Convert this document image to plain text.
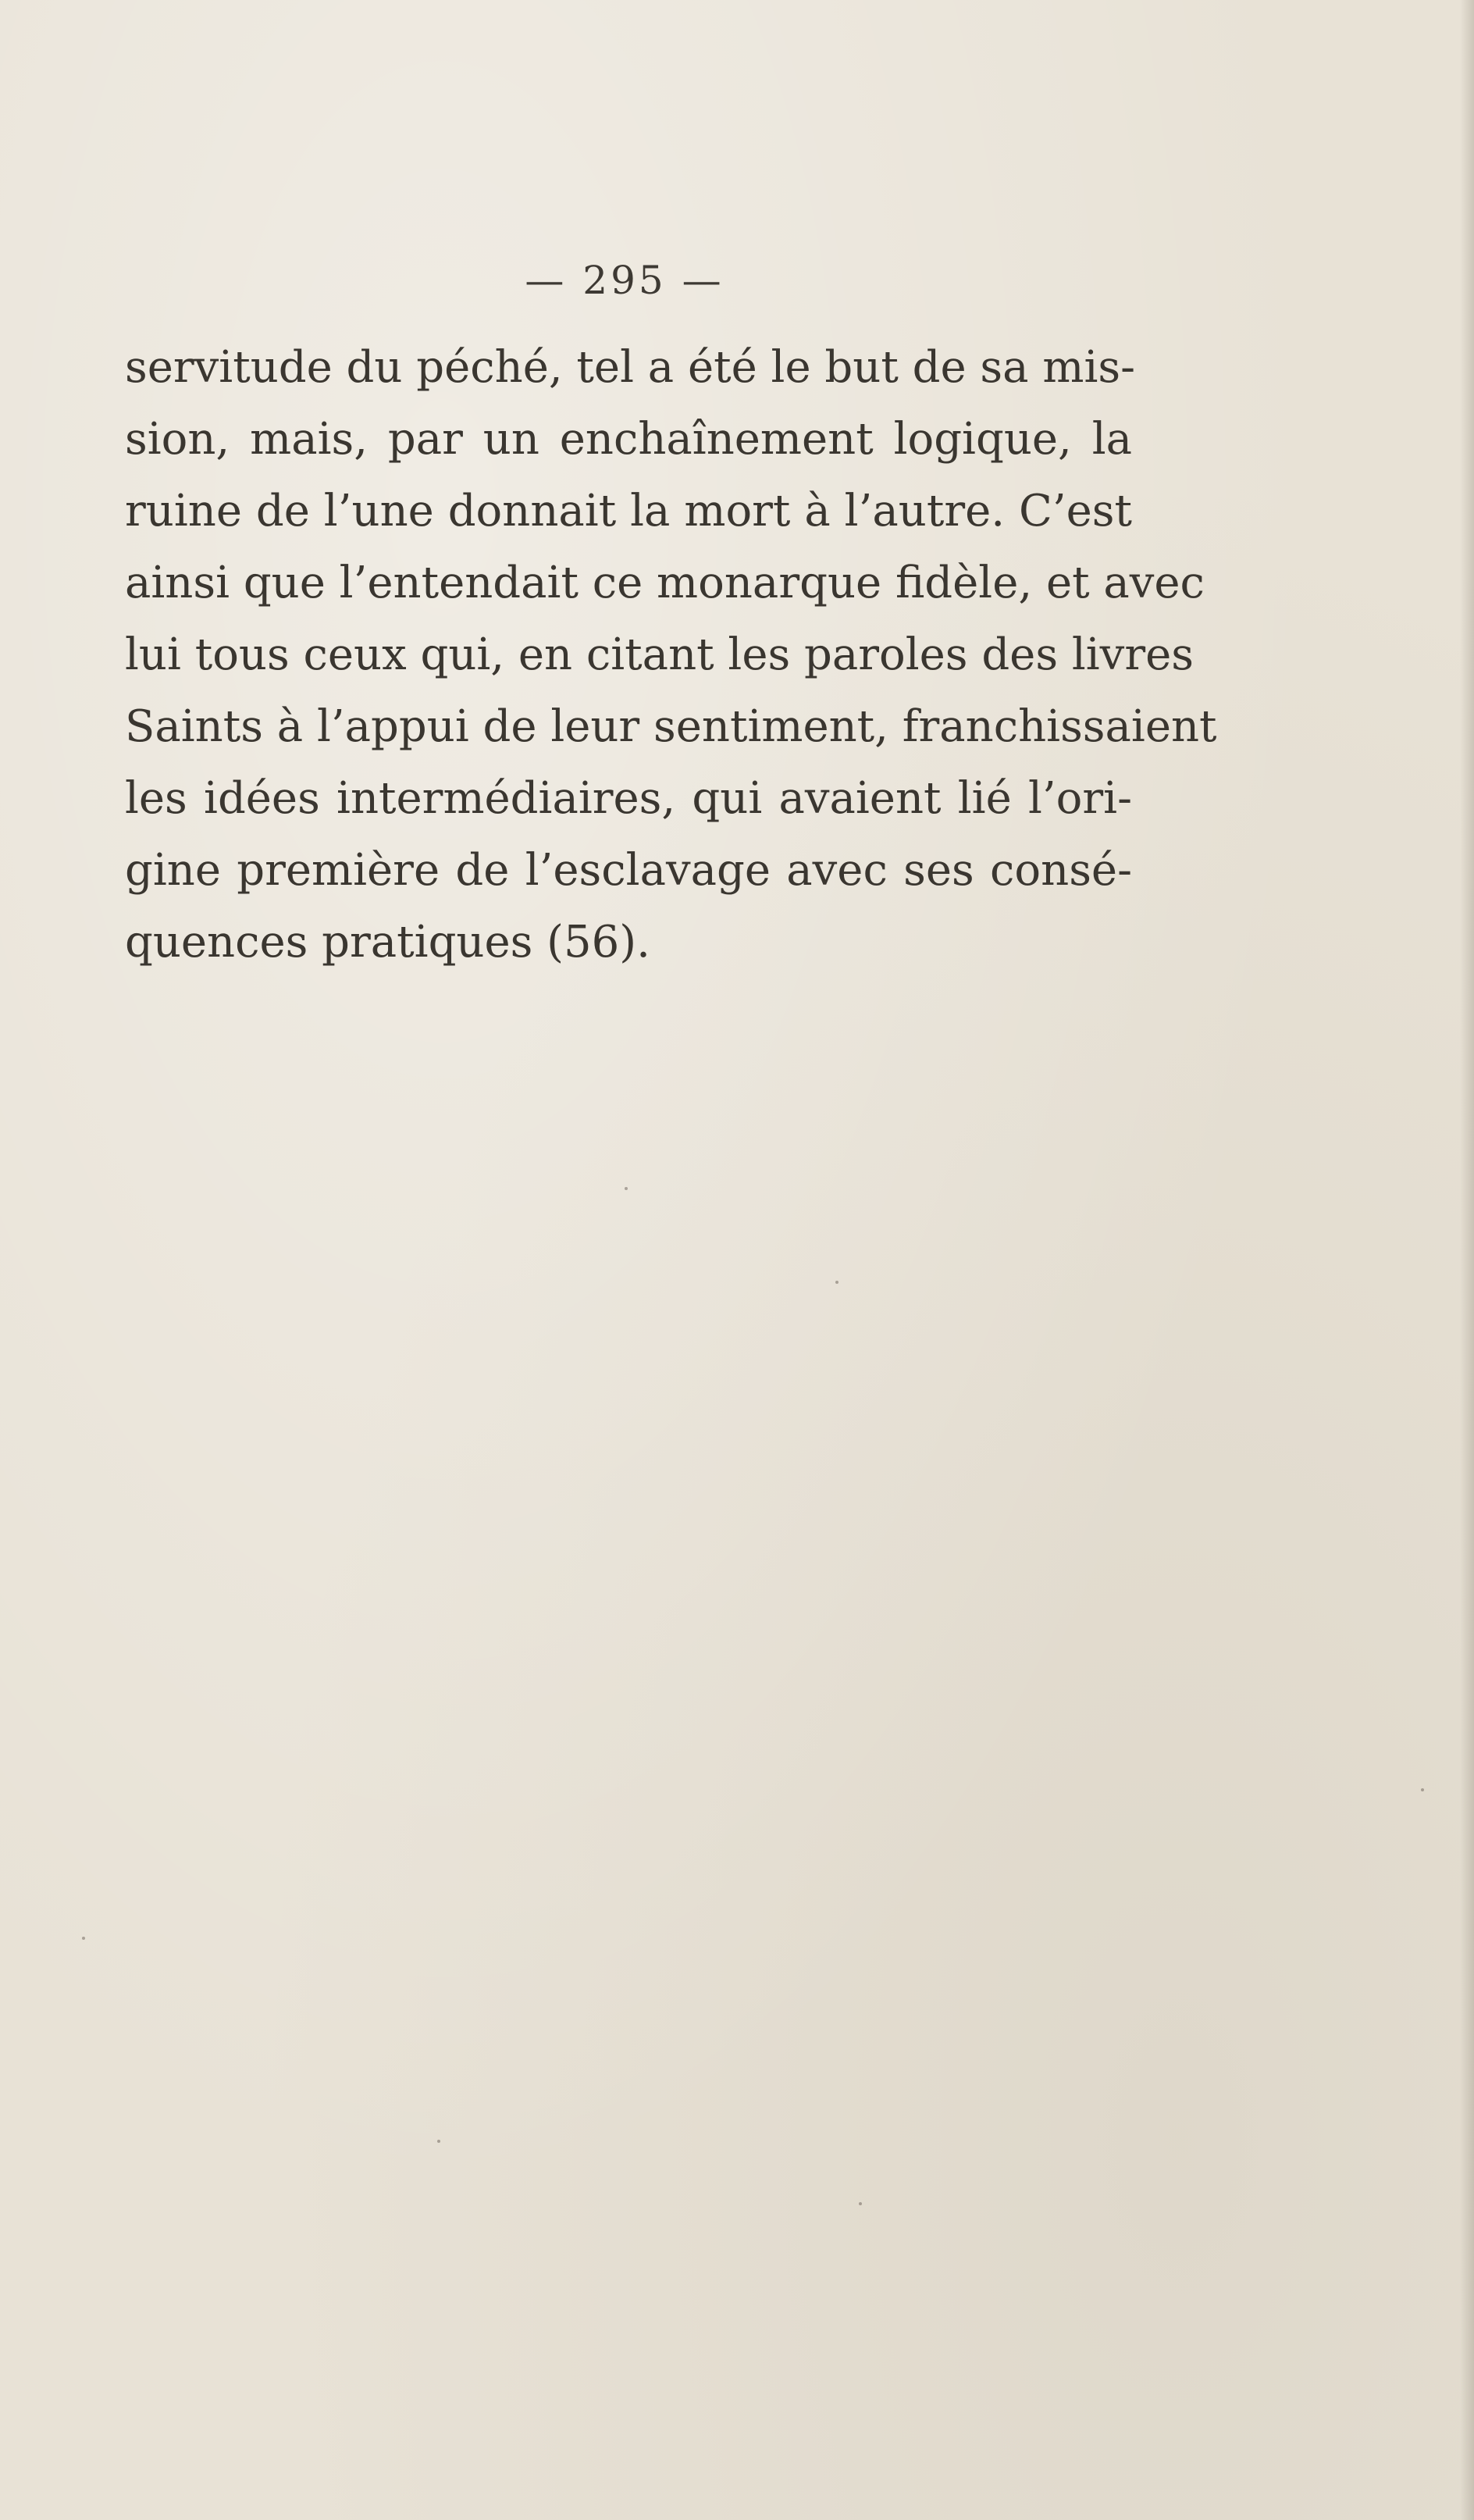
— 295 —
servitude du péché, tel a été le but de sa mis-
sion, mais, par un enchaînement logique, la
ruine de l’une donnait la mort à l’autre. C’est
ainsi que l’entendait ce monarque fidèle, et avec
lui tous ceux qui, en citant les paroles des livres
Saints à l’appui de leur sentiment, franchissaient
les idées intermédiaires, qui avaient lié l’ori-
gine première de l’esclavage avec ses consé-
quences pratiques (56).
